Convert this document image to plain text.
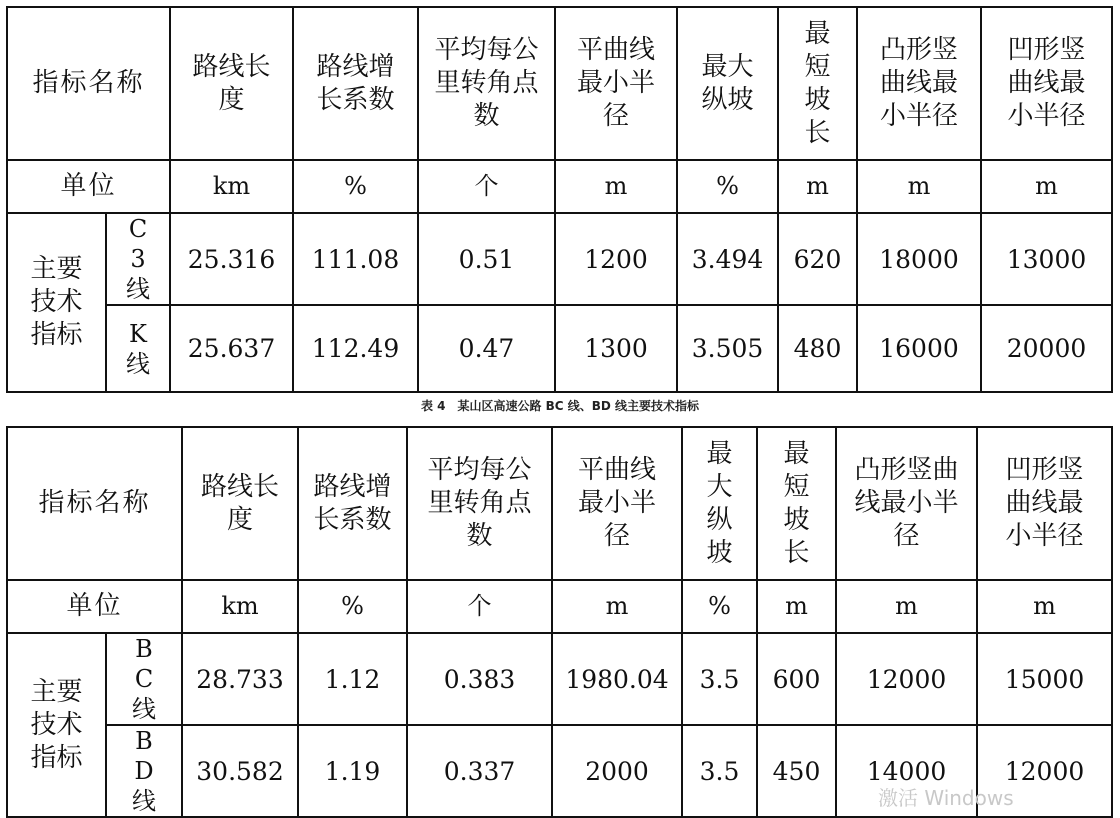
指标名称		路线长度	路线增长系数	平均每公里转角点数	平曲线最小半径	最大纵坡	最短坡长	凸形竖曲线最小半径	凹形竖曲线最小半径

单位		km	%	个	m	%	m	m	m

主要技术指标	C3线	25.316	111.08	0.51	1200	3.494	620	18000	13000

	K线	25.637	112.49	0.47	1300	3.505	480	16000	20000
表 4　某山区高速公路 BC 线、BD 线主要技术指标
指标名称		路线长度	路线增长系数	平均每公里转角点数	平曲线最小半径	最大纵坡	最短坡长	凸形竖曲线最小半径	凹形竖曲线最小半径

单位		km	%	个	m	%	m	m	m

主要技术指标	BC线	28.733	1.12	0.383	1980.04	3.5	600	12000	15000

	BD线	30.582	1.19	0.337	2000	3.5	450	14000	12000
激活 Windows
